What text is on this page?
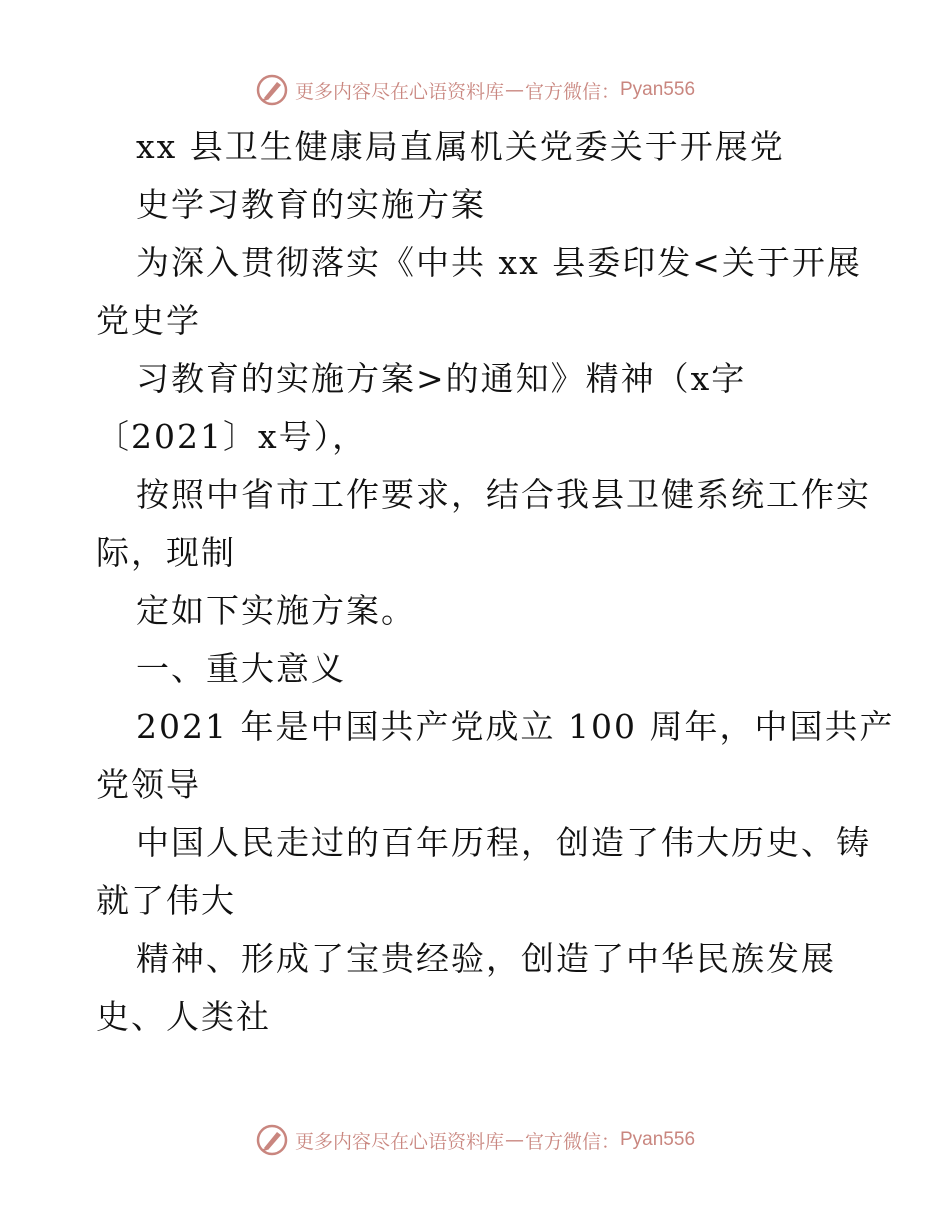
更多内容尽在心语资料库 — 官方微信： Pyan556
xx 县卫生健康局直属机关党委关于开展党
史学习教育的实施方案
为深入贯彻落实《中共 xx 县委印发<关于开展
党史学
习教育的实施方案>的通知》精神（x字
〔2021〕x号），
按照中省市工作要求，结合我县卫健系统工作实
际，现制
定如下实施方案。
一、重大意义
2021 年是中国共产党成立 100 周年，中国共产
党领导
中国人民走过的百年历程，创造了伟大历史、铸
就了伟大
精神、形成了宝贵经验，创造了中华民族发展
史、人类社
更多内容尽在心语资料库 — 官方微信： Pyan556
